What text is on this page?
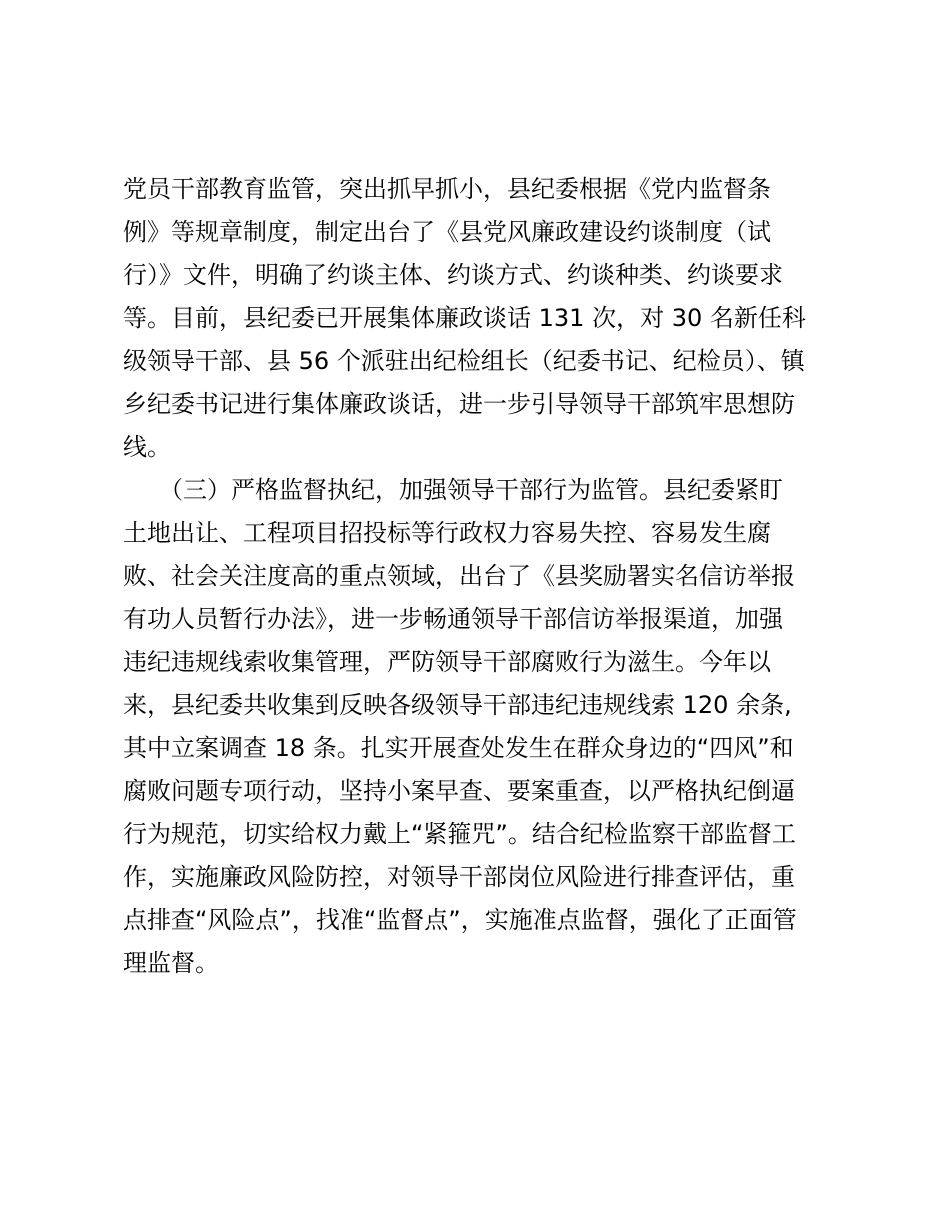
党员干部教育监管，突出抓早抓小，县纪委根据《党内监督条
例》等规章制度，制定出台了《县党风廉政建设约谈制度（试
行）》文件，明确了约谈主体、约谈方式、约谈种类、约谈要求
等。目前，县纪委已开展集体廉政谈话 131 次，对 30 名新任科
级领导干部、县 56 个派驻出纪检组长（纪委书记、纪检员）、镇
乡纪委书记进行集体廉政谈话，进一步引导领导干部筑牢思想防
线。
　　（三）严格监督执纪，加强领导干部行为监管。县纪委紧盯
土地出让、工程项目招投标等行政权力容易失控、容易发生腐
败、社会关注度高的重点领域，出台了《县奖励署实名信访举报
有功人员暂行办法》，进一步畅通领导干部信访举报渠道，加强
违纪违规线索收集管理，严防领导干部腐败行为滋生。今年以
来，县纪委共收集到反映各级领导干部违纪违规线索 120 余条,
其中立案调查 18 条。扎实开展查处发生在群众身边的“四风”和
腐败问题专项行动，坚持小案早查、要案重查，以严格执纪倒逼
行为规范，切实给权力戴上“紧箍咒”。结合纪检监察干部监督工
作，实施廉政风险防控，对领导干部岗位风险进行排查评估，重
点排查“风险点”，找准“监督点”，实施准点监督，强化了正面管
理监督。
